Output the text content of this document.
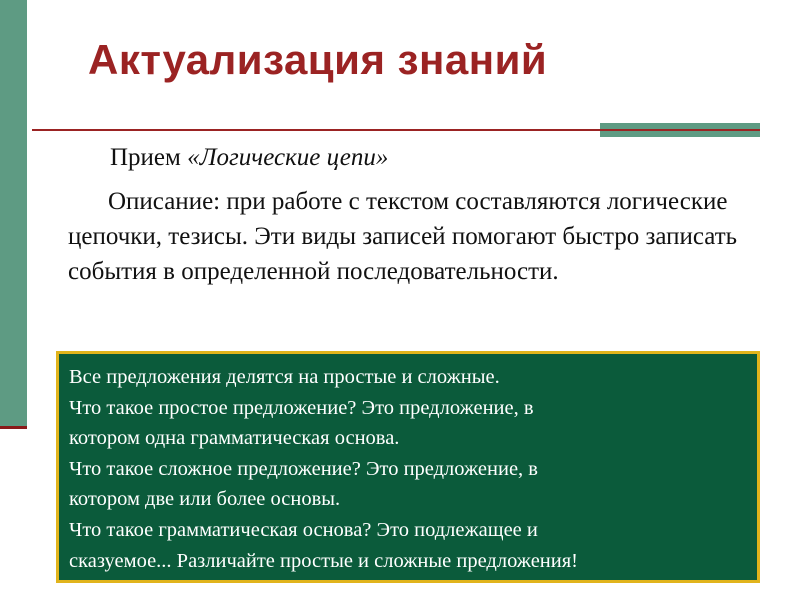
Актуализация знаний

Прием «Логические цепи»

Описание: при работе с текстом составляются логические цепочки, тезисы. Эти виды записей помогают быстро записать события в определенной последовательности.

Все предложения делятся на простые и сложные.
Что такое простое предложение? Это предложение, в
котором одна грамматическая основа.
Что такое сложное предложение? Это предложение, в
котором две или более основы.
Что такое грамматическая основа? Это подлежащее и
сказуемое... Различайте простые и сложные предложения!
